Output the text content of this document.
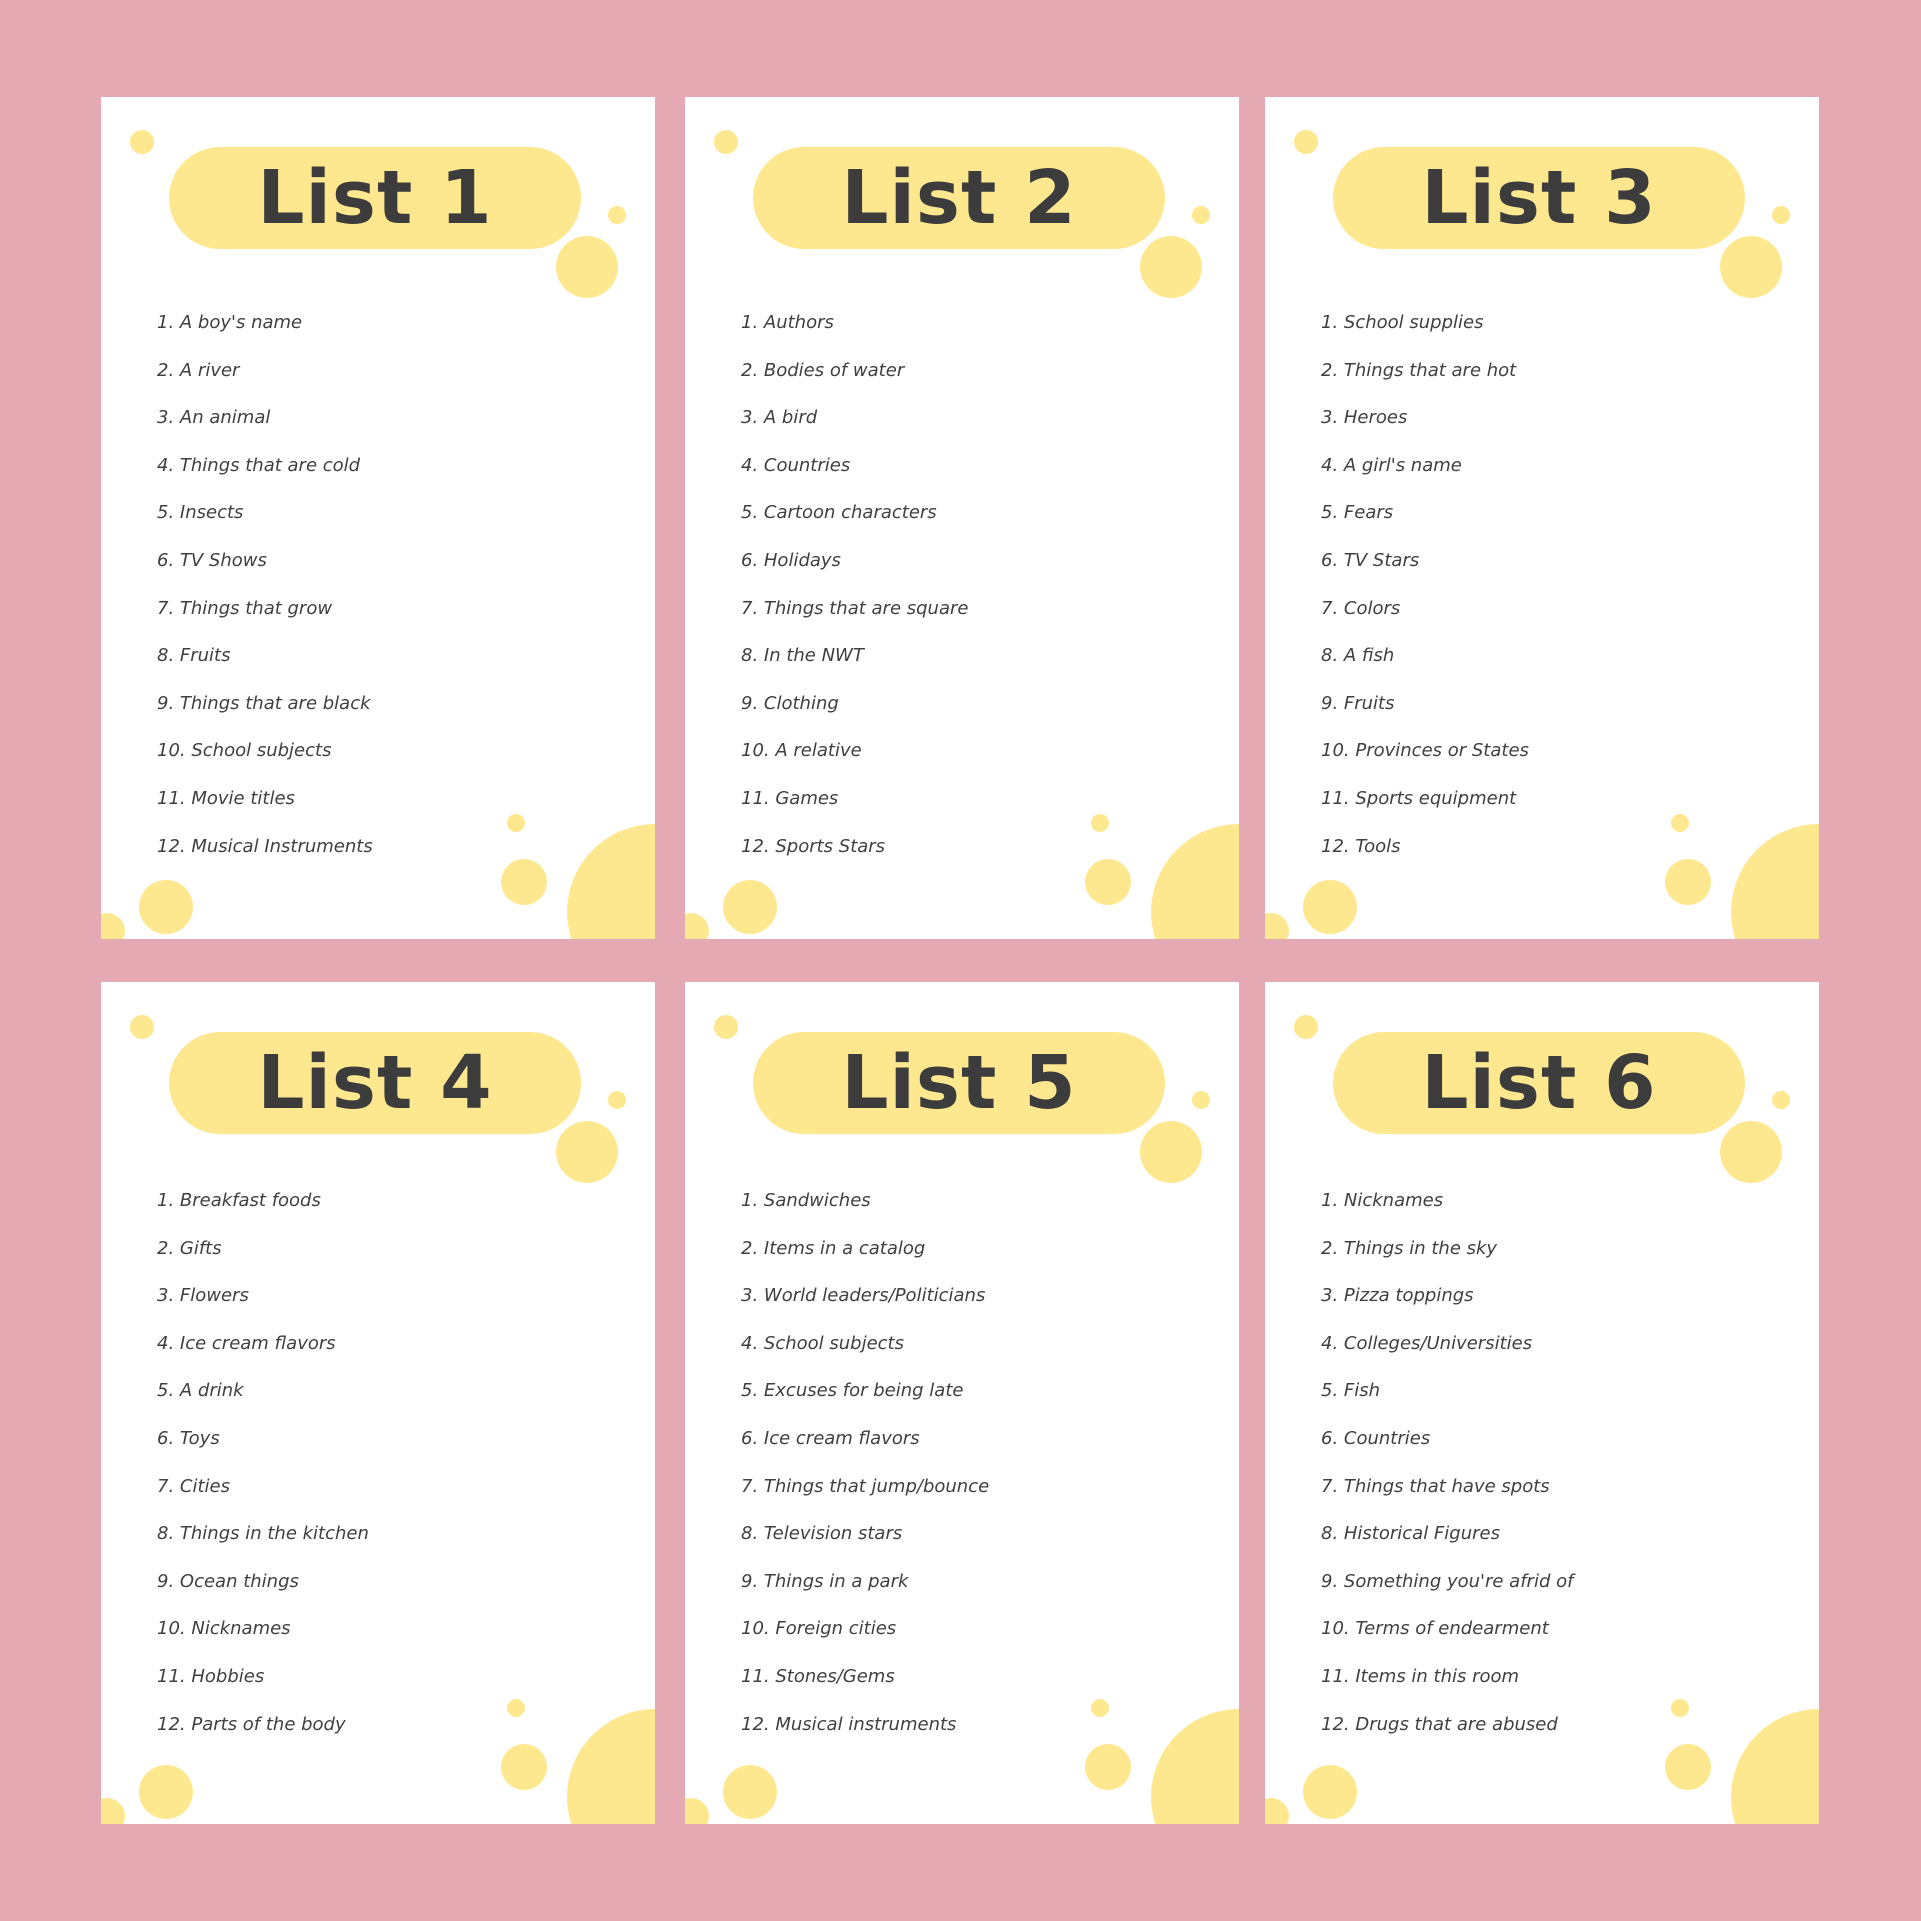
List 1
1. A boy's name
2. A river
3. An animal
4. Things that are cold
5. Insects
6. TV Shows
7. Things that grow
8. Fruits
9. Things that are black
10. School subjects
11. Movie titles
12. Musical Instruments
List 2
1. Authors
2. Bodies of water
3. A bird
4. Countries
5. Cartoon characters
6. Holidays
7. Things that are square
8. In the NWT
9. Clothing
10. A relative
11. Games
12. Sports Stars
List 3
1. School supplies
2. Things that are hot
3. Heroes
4. A girl's name
5. Fears
6. TV Stars
7. Colors
8. A fish
9. Fruits
10. Provinces or States
11. Sports equipment
12. Tools
List 4
1. Breakfast foods
2. Gifts
3. Flowers
4. Ice cream flavors
5. A drink
6. Toys
7. Cities
8. Things in the kitchen
9. Ocean things
10. Nicknames
11. Hobbies
12. Parts of the body
List 5
1. Sandwiches
2. Items in a catalog
3. World leaders/Politicians
4. School subjects
5. Excuses for being late
6. Ice cream flavors
7. Things that jump/bounce
8. Television stars
9. Things in a park
10. Foreign cities
11. Stones/Gems
12. Musical instruments
List 6
1. Nicknames
2. Things in the sky
3. Pizza toppings
4. Colleges/Universities
5. Fish
6. Countries
7. Things that have spots
8. Historical Figures
9. Something you're afrid of
10. Terms of endearment
11. Items in this room
12. Drugs that are abused
